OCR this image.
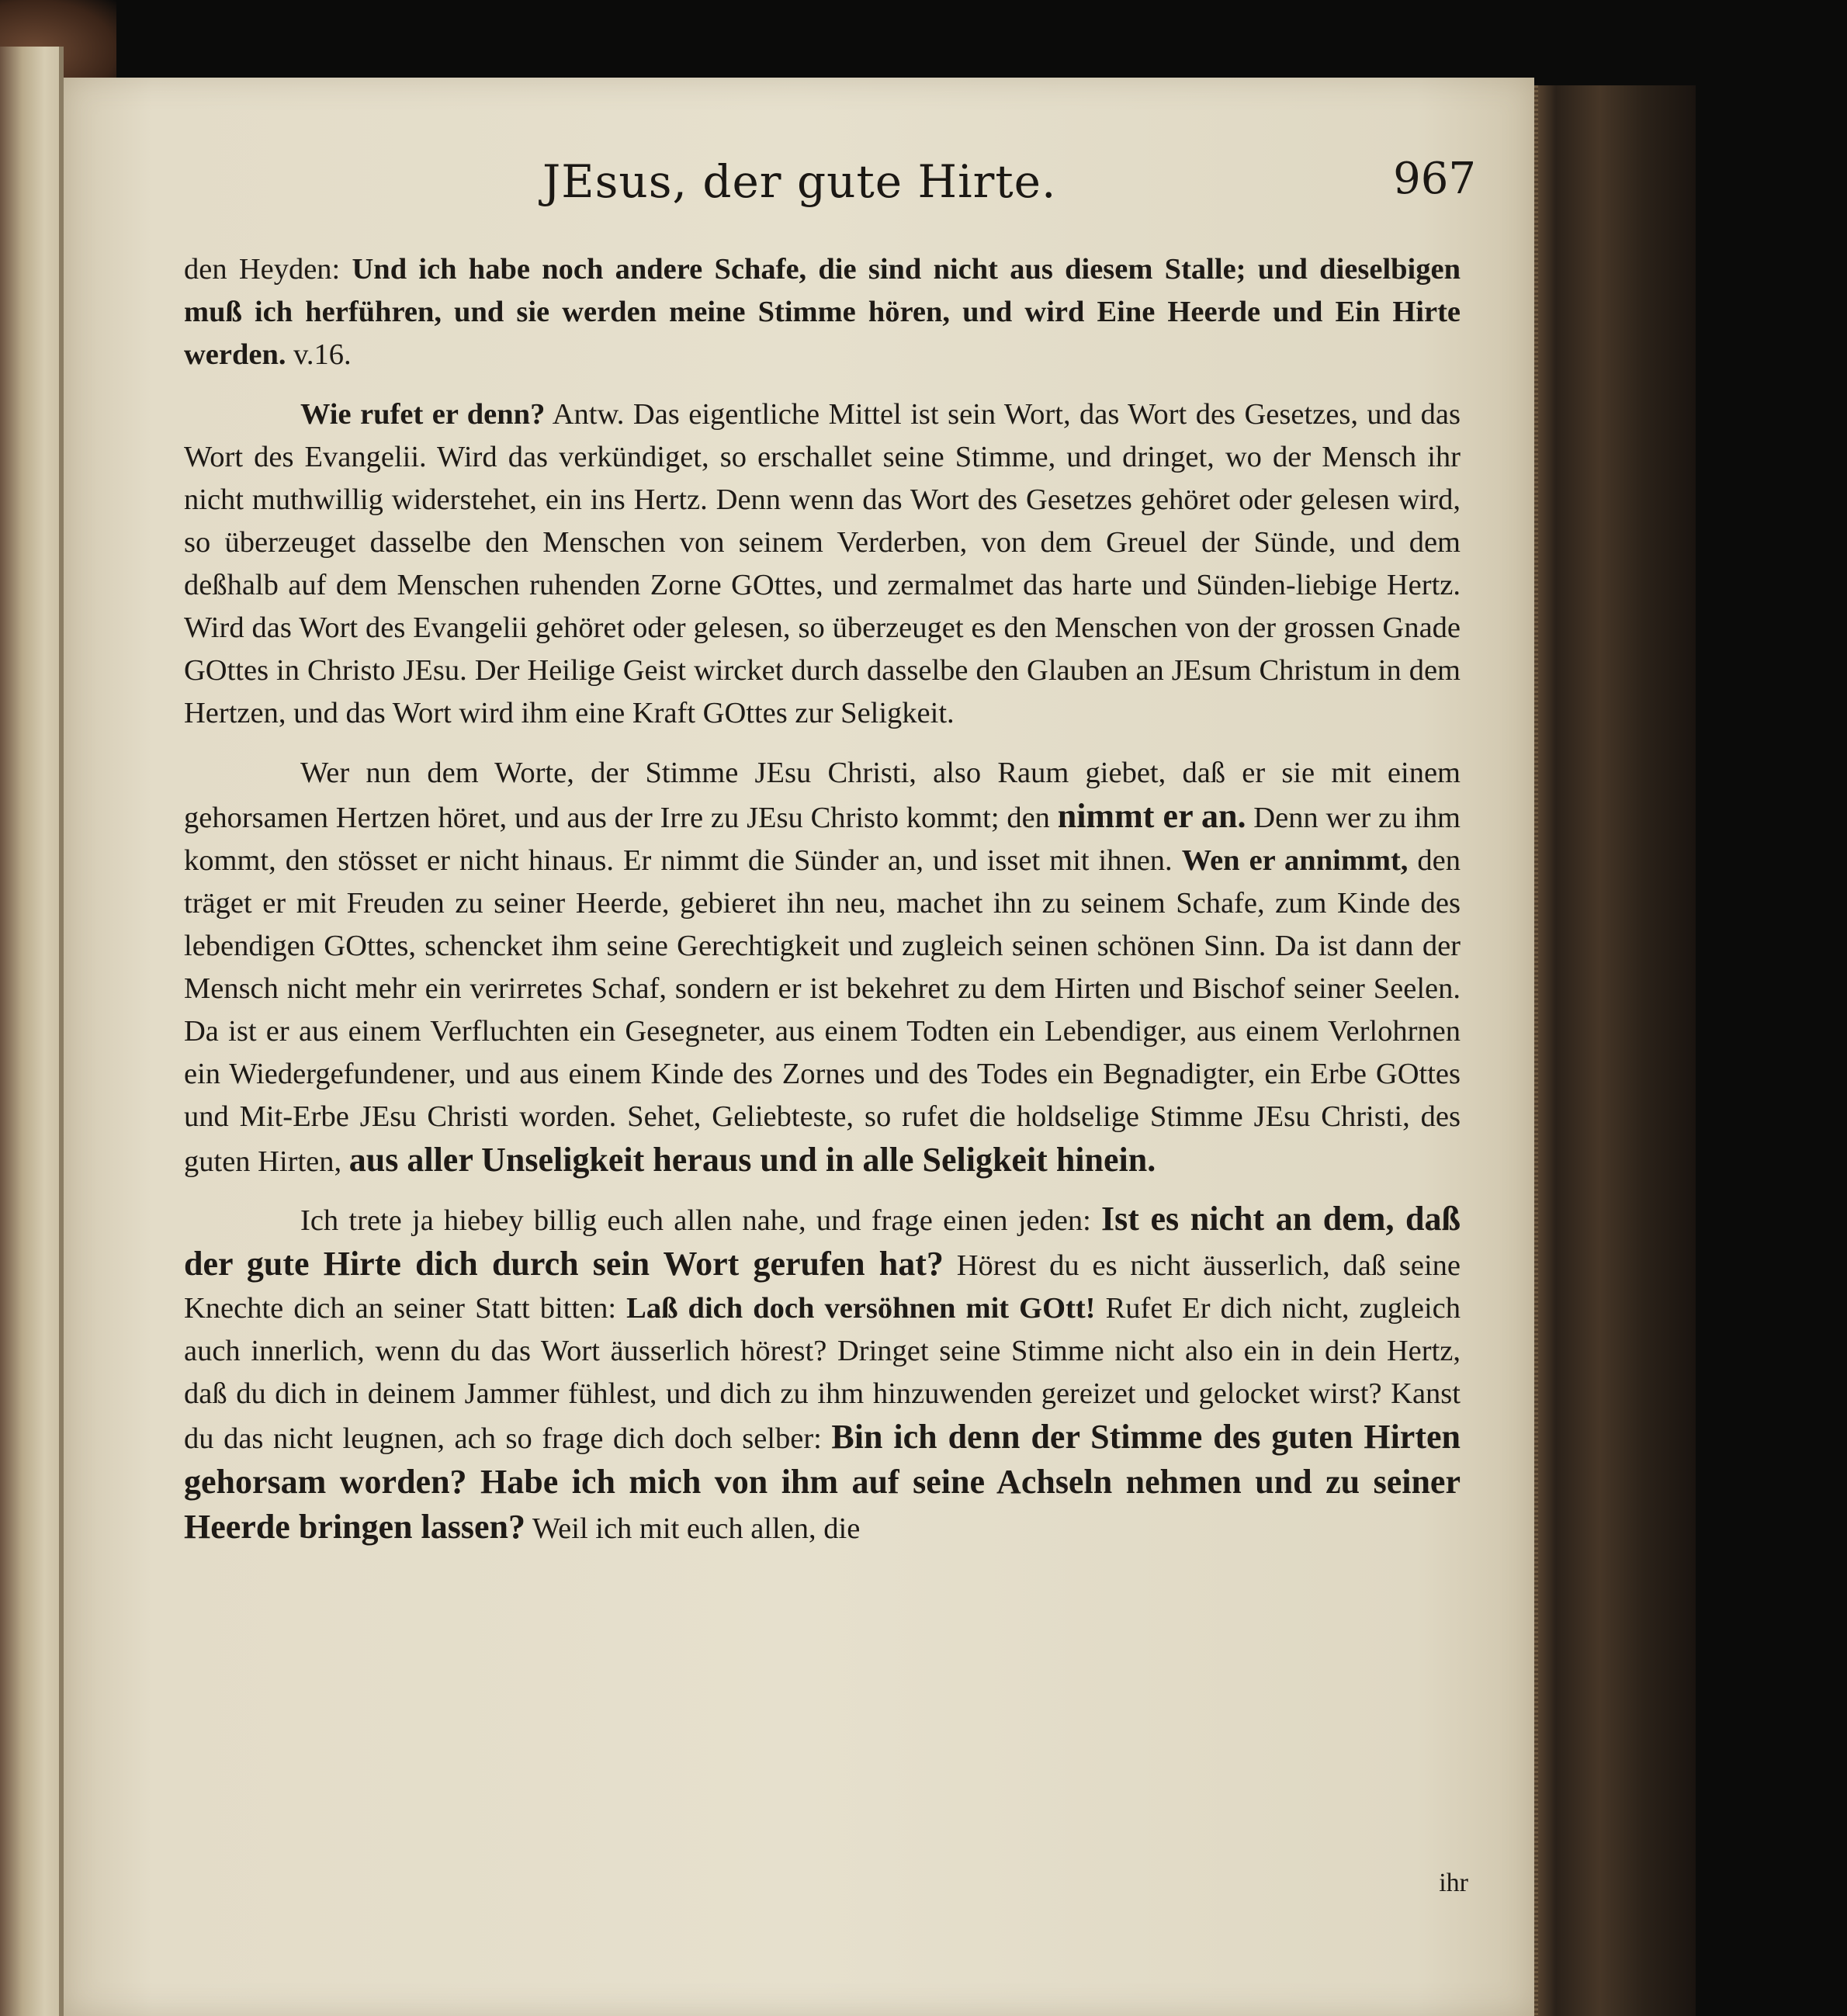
JEsus, der gute Hirte.	967

den Heyden: Und ich habe noch andere Schafe, die sind nicht aus diesem Stalle; und dieselbigen muß ich herführen, und sie werden meine Stimme hören, und wird Eine Heerde und Ein Hirte werden. v.16.

Wie rufet er denn? Antw. Das eigentliche Mittel ist sein Wort, das Wort des Gesetzes, und das Wort des Evangelii. Wird das verkündiget, so erschallet seine Stimme, und dringet, wo der Mensch ihr nicht muthwillig widerstehet, ein ins Hertz. Denn wenn das Wort des Gesetzes gehöret oder gelesen wird, so überzeuget dasselbe den Menschen von seinem Verderben, von dem Greuel der Sünde, und dem deßhalb auf dem Menschen ruhenden Zorne GOttes, und zermalmet das harte und Sünden-liebige Hertz. Wird das Wort des Evangelii gehöret oder gelesen, so überzeuget es den Menschen von der grossen Gnade GOttes in Christo JEsu. Der Heilige Geist wircket durch dasselbe den Glauben an JEsum Christum in dem Hertzen, und das Wort wird ihm eine Kraft GOttes zur Seligkeit.

Wer nun dem Worte, der Stimme JEsu Christi, also Raum giebet, daß er sie mit einem gehorsamen Hertzen höret, und aus der Irre zu JEsu Christo kommt; den nimmt er an. Denn wer zu ihm kommt, den stösset er nicht hinaus. Er nimmt die Sünder an, und isset mit ihnen. Wen er annimmt, den träget er mit Freuden zu seiner Heerde, gebieret ihn neu, machet ihn zu seinem Schafe, zum Kinde des lebendigen GOttes, schencket ihm seine Gerechtigkeit und zugleich seinen schönen Sinn. Da ist dann der Mensch nicht mehr ein verirretes Schaf, sondern er ist bekehret zu dem Hirten und Bischof seiner Seelen. Da ist er aus einem Verfluchten ein Gesegneter, aus einem Todten ein Lebendiger, aus einem Verlohrnen ein Wiedergefundener, und aus einem Kinde des Zornes und des Todes ein Begnadigter, ein Erbe GOttes und Mit-Erbe JEsu Christi worden. Sehet, Geliebteste, so rufet die holdselige Stimme JEsu Christi, des guten Hirten, aus aller Unseligkeit heraus und in alle Seligkeit hinein.

Ich trete ja hiebey billig euch allen nahe, und frage einen jeden: Ist es nicht an dem, daß der gute Hirte dich durch sein Wort gerufen hat? Hörest du es nicht äusserlich, daß seine Knechte dich an seiner Statt bitten: Laß dich doch versöhnen mit GOtt! Rufet Er dich nicht, zugleich auch innerlich, wenn du das Wort äusserlich hörest? Dringet seine Stimme nicht also ein in dein Hertz, daß du dich in deinem Jammer fühlest, und dich zu ihm hinzuwenden gereizet und gelocket wirst? Kanst du das nicht leugnen, ach so frage dich doch selber: Bin ich denn der Stimme des guten Hirten gehorsam worden? Habe ich mich von ihm auf seine Achseln nehmen und zu seiner Heerde bringen lassen? Weil ich mit euch allen, die

ihr
